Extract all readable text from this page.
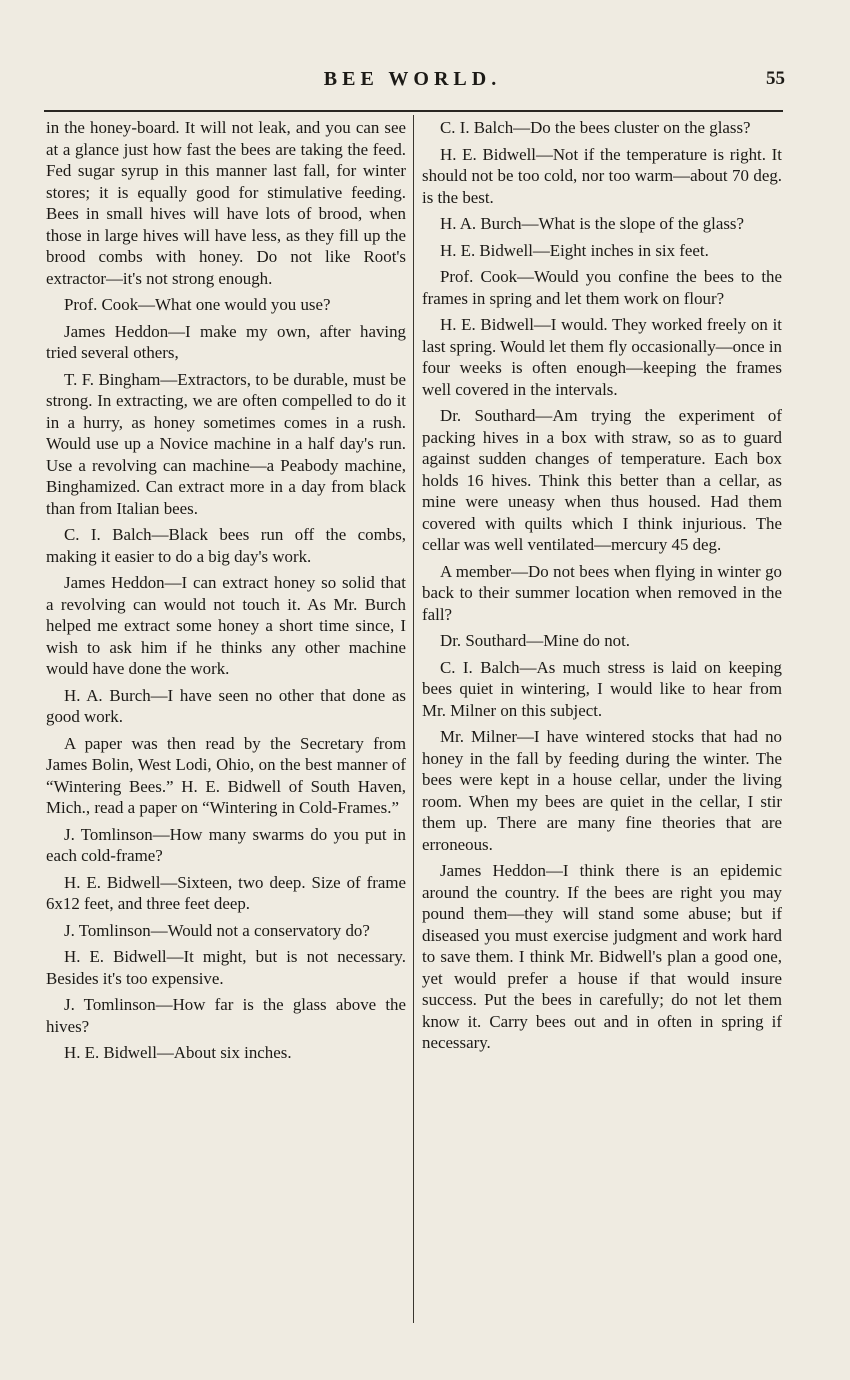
BEE WORLD.	55

in the honey-board. It will not leak, and you can see at a glance just how fast the bees are taking the feed. Fed sugar syrup in this manner last fall, for winter stores; it is equally good for stimulative feeding. Bees in small hives will have lots of brood, when those in large hives will have less, as they fill up the brood combs with honey. Do not like Root's extractor—it's not strong enough.

Prof. Cook—What one would you use?

James Heddon—I make my own, after having tried several others,

T. F. Bingham—Extractors, to be durable, must be strong. In extracting, we are often compelled to do it in a hurry, as honey sometimes comes in a rush. Would use up a Novice machine in a half day's run. Use a revolving can machine—a Peabody machine, Binghamized. Can extract more in a day from black than from Italian bees.

C. I. Balch—Black bees run off the combs, making it easier to do a big day's work.

James Heddon—I can extract honey so solid that a revolving can would not touch it. As Mr. Burch helped me extract some honey a short time since, I wish to ask him if he thinks any other machine would have done the work.

H. A. Burch—I have seen no other that done as good work.

A paper was then read by the Secretary from James Bolin, West Lodi, Ohio, on the best manner of “Wintering Bees.” H. E. Bidwell of South Haven, Mich., read a paper on “Wintering in Cold-Frames.”

J. Tomlinson—How many swarms do you put in each cold-frame?

H. E. Bidwell—Sixteen, two deep. Size of frame 6x12 feet, and three feet deep.

J. Tomlinson—Would not a conservatory do?

H. E. Bidwell—It might, but is not necessary. Besides it's too expensive.

J. Tomlinson—How far is the glass above the hives?

H. E. Bidwell—About six inches.

C. I. Balch—Do the bees cluster on the glass?

H. E. Bidwell—Not if the temperature is right. It should not be too cold, nor too warm—about 70 deg. is the best.

H. A. Burch—What is the slope of the glass?

H. E. Bidwell—Eight inches in six feet.

Prof. Cook—Would you confine the bees to the frames in spring and let them work on flour?

H. E. Bidwell—I would. They worked freely on it last spring. Would let them fly occasionally—once in four weeks is often enough—keeping the frames well covered in the intervals.

Dr. Southard—Am trying the experiment of packing hives in a box with straw, so as to guard against sudden changes of temperature. Each box holds 16 hives. Think this better than a cellar, as mine were uneasy when thus housed. Had them covered with quilts which I think injurious. The cellar was well ventilated—mercury 45 deg.

A member—Do not bees when flying in winter go back to their summer location when removed in the fall?

Dr. Southard—Mine do not.

C. I. Balch—As much stress is laid on keeping bees quiet in wintering, I would like to hear from Mr. Milner on this subject.

Mr. Milner—I have wintered stocks that had no honey in the fall by feeding during the winter. The bees were kept in a house cellar, under the living room. When my bees are quiet in the cellar, I stir them up. There are many fine theories that are erroneous.

James Heddon—I think there is an epidemic around the country. If the bees are right you may pound them—they will stand some abuse; but if diseased you must exercise judgment and work hard to save them. I think Mr. Bidwell's plan a good one, yet would prefer a house if that would insure success. Put the bees in carefully; do not let them know it. Carry bees out and in often in spring if necessary.
